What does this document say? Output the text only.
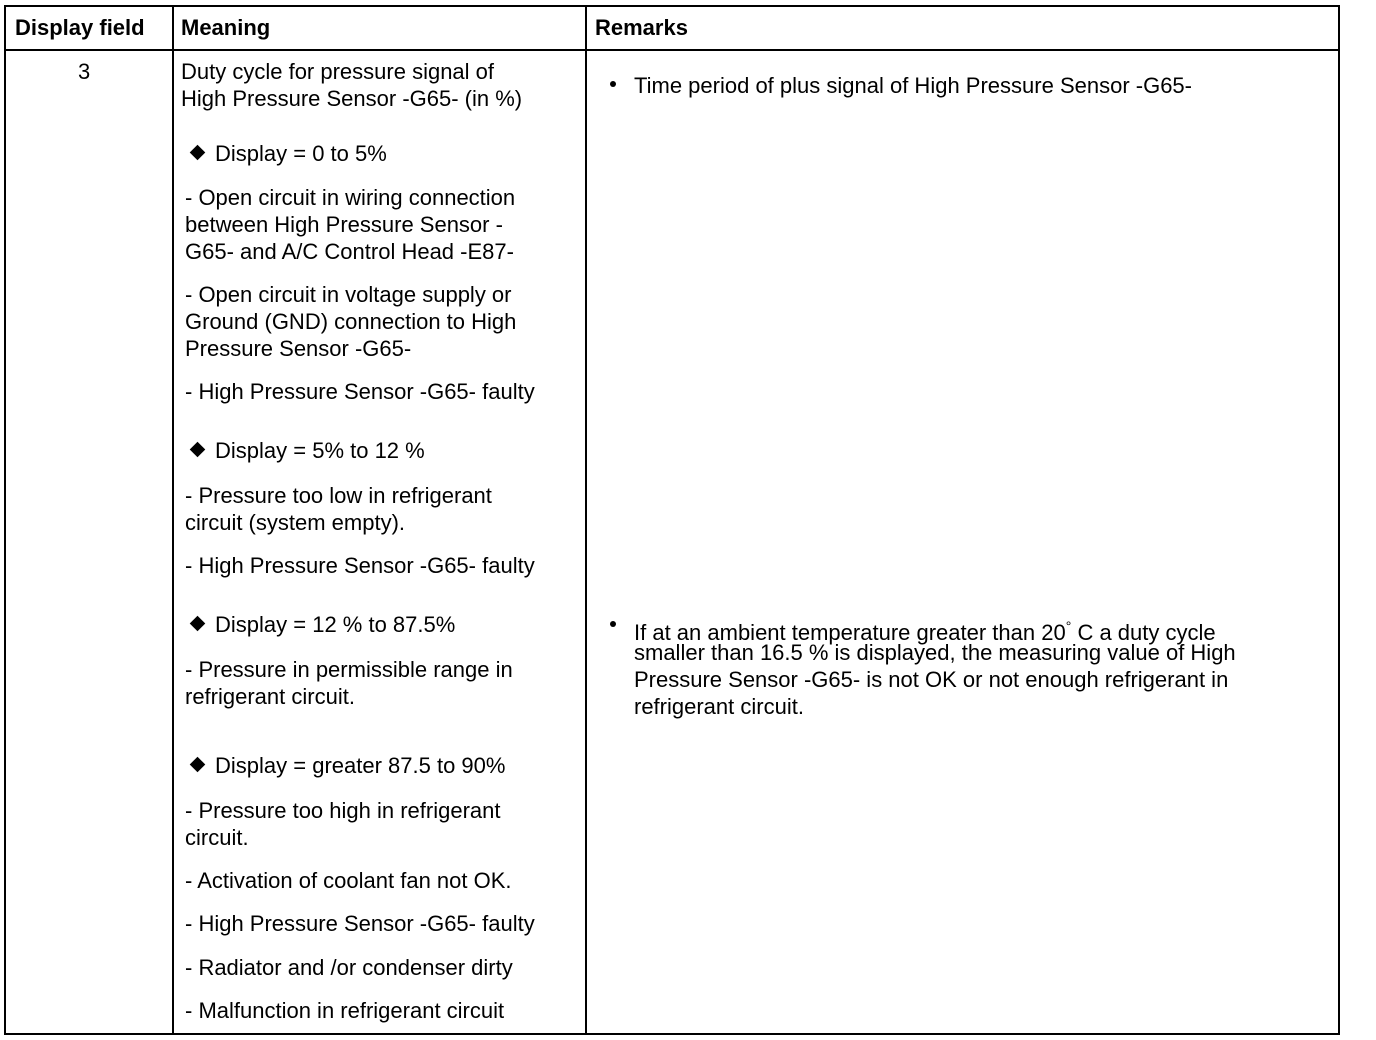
Display field Meaning	Remarks
3	Duty cycle for pressure signal of
High Pressure Sensor -G65- (in %)
Display = 0 to 5%
- Open circuit in wiring connection
between High Pressure Sensor -
G65- and A/C Control Head -E87-
- Open circuit in voltage supply or
Ground (GND) connection to High
Pressure Sensor -G65-
- High Pressure Sensor -G65- faulty
Display = 5% to 12 %
- Pressure too low in refrigerant
circuit (system empty).
- High Pressure Sensor -G65- faulty
Display = 12 % to 87.5%
- Pressure in permissible range in
refrigerant circuit.
Display = greater 87.5 to 90%
- Pressure too high in refrigerant
circuit.
- Activation of coolant fan not OK.
- High Pressure Sensor -G65- faulty
- Radiator and /or condenser dirty
- Malfunction in refrigerant circuit
Time period of plus signal of High Pressure Sensor -G65-
If at an ambient temperature greater than 20° C a duty cycle
smaller than 16.5 % is displayed, the measuring value of High
Pressure Sensor -G65- is not OK or not enough refrigerant in
refrigerant circuit.
